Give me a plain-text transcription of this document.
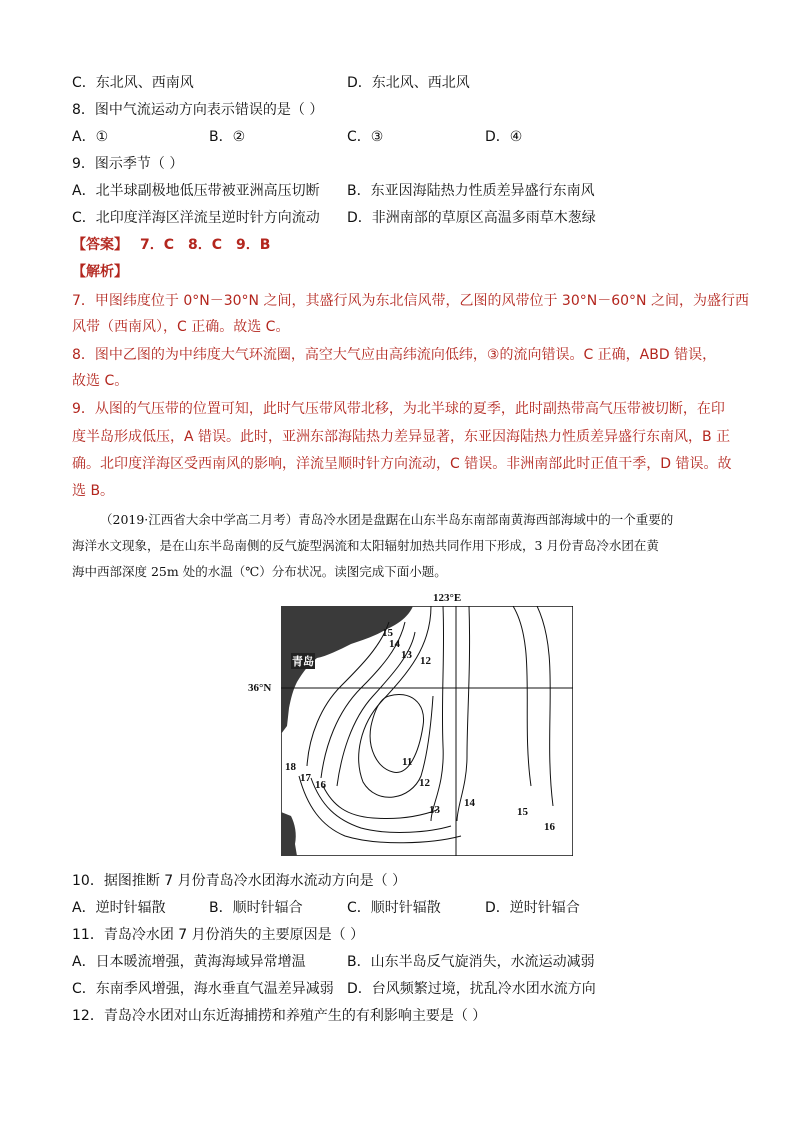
C．东北风、西南风	D．东北风、西北风
8．图中气流运动方向表示错误的是（ ）
A．①	B．②	C．③	D．④
9．图示季节（ ）
A．北半球副极地低压带被亚洲高压切断 B．东亚因海陆热力性质差异盛行东南风
C．北印度洋海区洋流呈逆时针方向流动 D．非洲南部的草原区高温多雨草木葱绿
【答案】 7．C　8．C　9．B
【解析】
7．甲图纬度位于 0°N－30°N 之间，其盛行风为东北信风带，乙图的风带位于 30°N－60°N 之间，为盛行西
风带（西南风），C 正确。故选 C。
8．图中乙图的为中纬度大气环流圈，高空大气应由高纬流向低纬，③的流向错误。C 正确，ABD 错误，
故选 C。
9．从图的气压带的位置可知，此时气压带风带北移，为北半球的夏季，此时副热带高气压带被切断，在印
度半岛形成低压，A 错误。此时，亚洲东部海陆热力差异显著，东亚因海陆热力性质差异盛行东南风，B 正
确。北印度洋海区受西南风的影响，洋流呈顺时针方向流动，C 错误。非洲南部此时正值干季，D 错误。故
选 B。
（2019·江西省大余中学高二月考）青岛冷水团是盘踞在山东半岛东南部南黄海西部海域中的一个重要的
海洋水文现象，是在山东半岛南侧的反气旋型涡流和太阳辐射加热共同作用下形成，3 月份青岛冷水团在黄
海中西部深度 25m 处的水温（℃）分布状况。读图完成下面小题。
123°E
36°N
青岛
15
14
13 12
11
12
13
14
15
16
18
17
16
10．据图推断 7 月份青岛冷水团海水流动方向是（ ）
A．逆时针辐散	B．顺时针辐合	C．顺时针辐散	D．逆时针辐合
11．青岛冷水团 7 月份消失的主要原因是（ ）
A．日本暖流增强，黄海海域异常增温	B．山东半岛反气旋消失，水流运动减弱
C．东南季风增强，海水垂直气温差异减弱 D．台风频繁过境，扰乱冷水团水流方向
12．青岛冷水团对山东近海捕捞和养殖产生的有利影响主要是（ ）
